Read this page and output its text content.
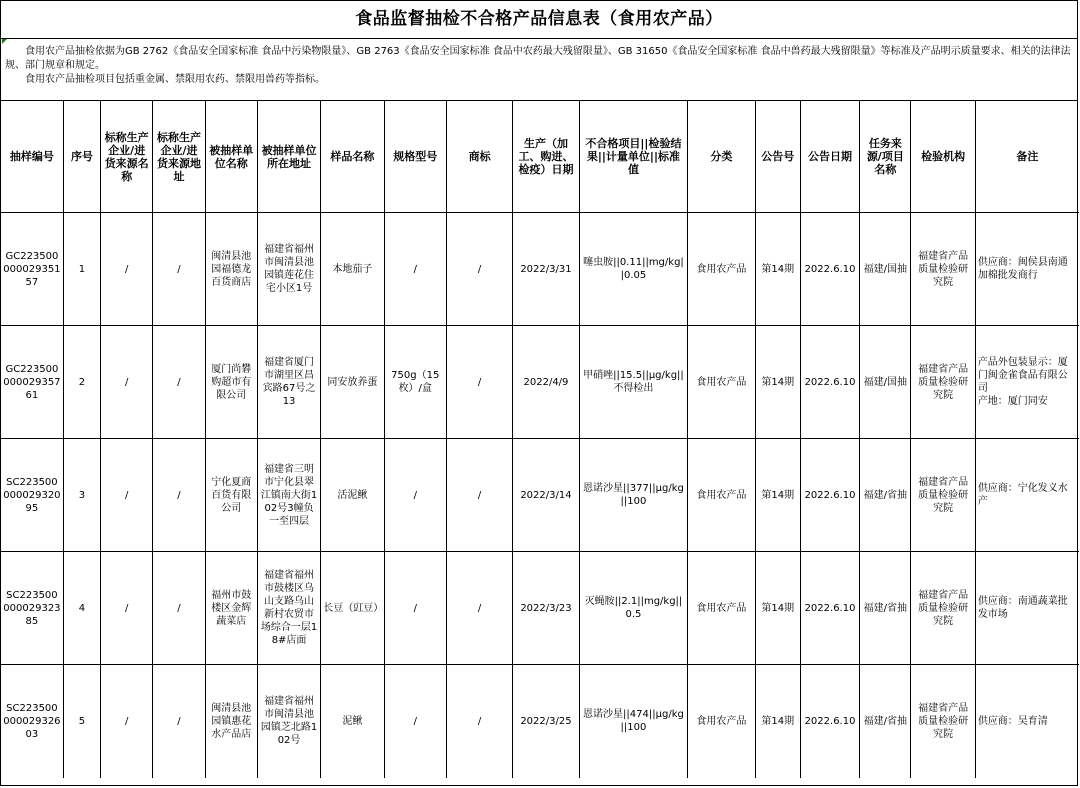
食品监督抽检不合格产品信息表（食用农产品）

食用农产品抽检依据为GB 2762《食品安全国家标准 食品中污染物限量》、GB 2763《食品安全国家标准 食品中农药最大残留限量》、GB 31650《食品安全国家标准 食品中兽药最大残留限量》等标准及产品明示质量要求、相关的法律法规、部门规章和规定。

食用农产品抽检项目包括重金属、禁限用农药、禁限用兽药等指标。

抽样编号	序号	标称生产企业/进货来源名称	标称生产企业/进货来源地址	被抽样单位名称	被抽样单位所在地址	样品名称	规格型号	商标	生产（加工、购进、检疫）日期	不合格项目||检验结果||计量单位||标准值	分类	公告号	公告日期	任务来源/项目名称	检验机构	备注
GC22350000002935157	1	/	/	闽清县池园福德龙百货商店	福建省福州市闽清县池园镇莲花住宅小区1号	本地茄子	/	/	2022/3/31	噻虫胺||0.11||mg/kg||0.05	食用农产品	第14期	2022.6.10	福建/国抽	福建省产品质量检验研究院	供应商：闽侯县南通加棉批发商行
GC22350000002935761	2	/	/	厦门尚礬购超市有限公司	福建省厦门市湖里区昌宾路67号之13	同安放养蛋	750g（15枚）/盒	/	2022/4/9	甲硝唑||15.5||μg/kg||不得检出	食用农产品	第14期	2022.6.10	福建/国抽	福建省产品质量检验研究院	产品外包装显示：厦门闽金雀食品有限公司
产地：厦门同安
SC22350000002932095	3	/	/	宁化夏商百货有限公司	福建省三明市宁化县翠江镇南大街102号3幢负一至四层	活泥鳅	/	/	2022/3/14	恩诺沙星||377||μg/kg||100	食用农产品	第14期	2022.6.10	福建/省抽	福建省产品质量检验研究院	供应商：宁化发义水产
SC22350000002932385	4	/	/	福州市鼓楼区金辉蔬菜店	福建省福州市鼓楼区乌山支路乌山新村农贸市场综合一层18#店面	长豆（豇豆）	/	/	2022/3/23	灭蝇胺||2.1||mg/kg||0.5	食用农产品	第14期	2022.6.10	福建/省抽	福建省产品质量检验研究院	供应商：南通蔬菜批发市场
SC22350000002932603	5	/	/	闽清县池园镇惠花水产品店	福建省福州市闽清县池园镇芝北路102号	泥鳅	/	/	2022/3/25	恩诺沙星||474||μg/kg||100	食用农产品	第14期	2022.6.10	福建/省抽	福建省产品质量检验研究院	供应商：吴育清
